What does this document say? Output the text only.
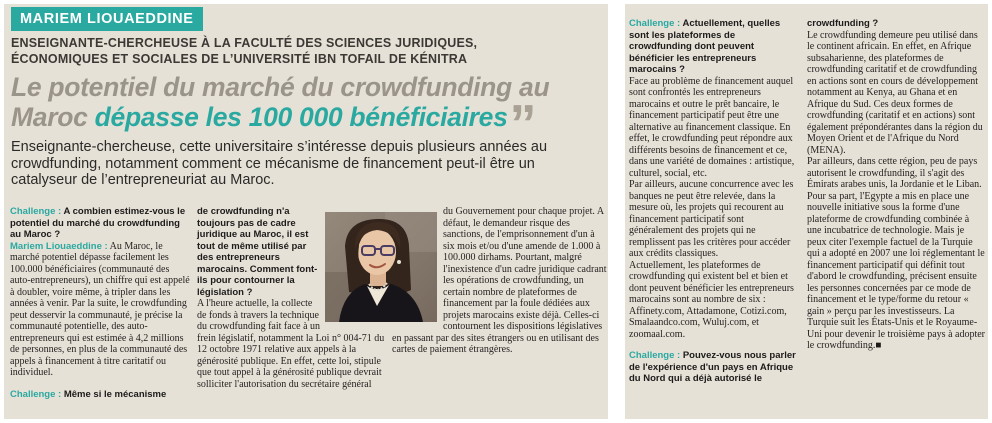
MARIEM LIOUAEDDINE
ENSEIGNANTE-CHERCHEUSE À LA FACULTÉ DES SCIENCES JURIDIQUES,
ÉCONOMIQUES ET SOCIALES DE L’UNIVERSITÉ IBN TOFAIL DE KÉNITRA
Le potentiel du marché du crowdfunding au Maroc dépasse les 100 000 bénéficiaires”
Enseignante-chercheuse, cette universitaire s’intéresse depuis plusieurs années au crowdfunding, notamment comment ce mécanisme de financement peut-il être un catalyseur de l’entrepreneuriat au Maroc.

Challenge : A combien estimez-vous le potentiel du marché du crowdfunding au Maroc ?

Mariem Liouaeddine : Au Maroc, le marché potentiel dépasse facilement les 100.000 bénéficiaires (communauté des auto-entrepreneurs), un chiffre qui est appelé à doubler, voire même, à tripler dans les années à venir. Par la suite, le crowdfunding peut desservir la communauté, je précise la communauté potentielle, des auto-entrepreneurs qui est estimée à 4,2 millions de personnes, en plus de la communauté des appels à financement à titre caritatif ou individuel.

Challenge : Même si le mécanisme

de crowdfunding n'a toujours pas de cadre juridique au Maroc, il est tout de même utilisé par des entrepreneurs marocains. Comment font-ils pour contourner la législation ?

A l'heure actuelle, la collecte de fonds à travers la technique du crowdfunding fait face à un frein législatif, notamment la Loi n° 004-71 du 12 octobre 1971 relative aux appels à la générosité publique. En effet, cette loi, stipule que tout appel à la générosité publique devrait solliciter l'autorisation du secrétaire général

du Gouvernement pour chaque projet. A défaut, le demandeur risque des sanctions, de l'emprisonnement d'un à six mois et/ou d'une amende de 1.000 à 100.000 dirhams. Pourtant, malgré l'inexistence d'un cadre juridique cadrant les opérations de crowdfunding, un certain nombre de plateformes de financement par la foule dédiées aux projets marocains existe déjà. Celles-ci contournent les dispositions législatives en passant par des sites étrangers ou en utilisant des cartes de paiement étrangères.

Challenge : Actuellement, quelles sont les plateformes de crowdfunding dont peuvent bénéficier les entrepreneurs marocains ?

Face au problème de financement auquel sont confrontés les entrepreneurs marocains et outre le prêt bancaire, le financement participatif peut être une alternative au financement classique. En effet, le crowdfunding peut répondre aux différents besoins de financement et ce, dans une variété de domaines : artistique, culturel, social, etc.

Par ailleurs, aucune concurrence avec les banques ne peut être relevée, dans la mesure où, les projets qui recourent au financement participatif sont généralement des projets qui ne remplissent pas les critères pour accéder aux crédits classiques.

Actuellement, les plateformes de crowdfunding qui existent bel et bien et dont peuvent bénéficier les entrepreneurs marocains sont au nombre de six : Affinety.com, Attadamone, Cotizi.com, Smalaandco.com, Wuluj.com, et zoomaal.com.

Challenge : Pouvez-vous nous parler de l'expérience d'un pays en Afrique du Nord qui a déjà autorisé le

crowdfunding ?

Le crowdfunding demeure peu utilisé dans le continent africain. En effet, en Afrique subsaharienne, des plateformes de crowdfunding caritatif et de crowdfunding en actions sont en cours de développement notamment au Kenya, au Ghana et en Afrique du Sud. Ces deux formes de crowdfunding (caritatif et en actions) sont également prépondérantes dans la région du Moyen Orient et de l'Afrique du Nord (MENA).

Par ailleurs, dans cette région, peu de pays autorisent le crowdfunding, il s'agit des Émirats arabes unis, la Jordanie et le Liban. Pour sa part, l'Egypte a mis en place une nouvelle initiative sous la forme d'une plateforme de crowdfunding combinée à une incubatrice de technologie. Mais je peux citer l'exemple factuel de la Turquie qui a adopté en 2007 une loi réglementant le financement participatif qui définit tout d'abord le crowdfunding, précisent ensuite les personnes concernées par ce mode de financement et le type/forme du retour « gain » perçu par les investisseurs. La Turquie suit les États-Unis et le Royaume-Uni pour devenir le troisième pays à adopter le crowdfunding.■
